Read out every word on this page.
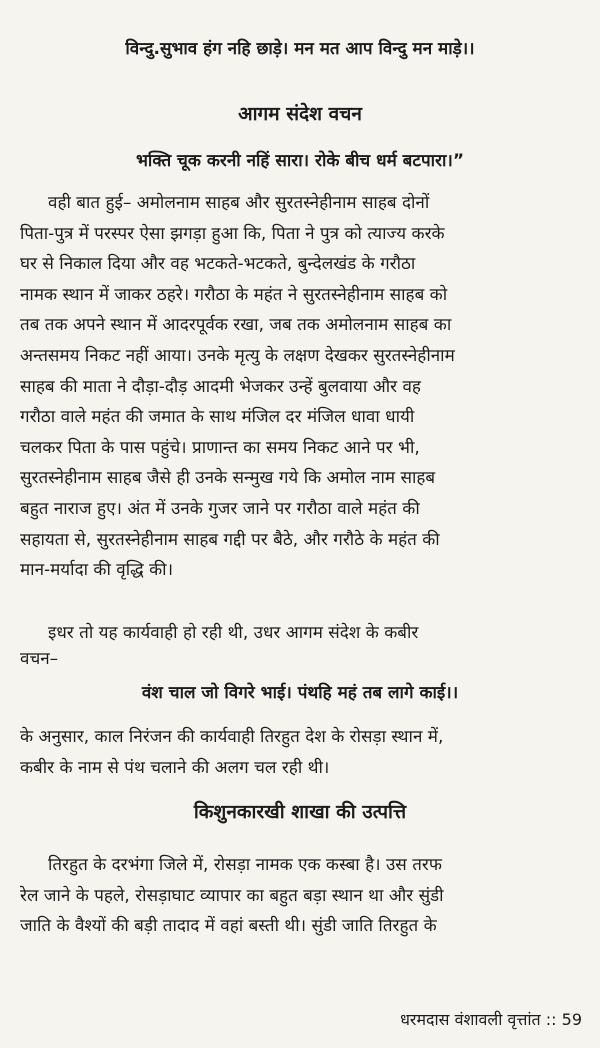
विन्दु.सुभाव हंग नहि छाड़े। मन मत आप विन्दु मन माड़े।।
आगम संदेश वचन
भक्ति चूक करनी नहिं सारा। रोके बीच धर्म बटपारा।”
वही बात हुई– अमोलनाम साहब और सुरतस्नेहीनाम साहब दोनों
पिता-पुत्र में परस्पर ऐसा झगड़ा हुआ कि, पिता ने पुत्र को त्याज्य करके
घर से निकाल दिया और वह भटकते-भटकते, बुन्देलखंड के गरौठा
नामक स्थान में जाकर ठहरे। गरौठा के महंत ने सुरतस्नेहीनाम साहब को
तब तक अपने स्थान में आदरपूर्वक रखा, जब तक अमोलनाम साहब का
अन्तसमय निकट नहीं आया। उनके मृत्यु के लक्षण देखकर सुरतस्नेहीनाम
साहब की माता ने दौड़ा-दौड़ आदमी भेजकर उन्हें बुलवाया और वह
गरौठा वाले महंत की जमात के साथ मंजिल दर मंजिल धावा धायी
चलकर पिता के पास पहुंचे। प्राणान्त का समय निकट आने पर भी,
सुरतस्नेहीनाम साहब जैसे ही उनके सन्मुख गये कि अमोल नाम साहब
बहुत नाराज हुए। अंत में उनके गुजर जाने पर गरौठा वाले महंत की
सहायता से, सुरतस्नेहीनाम साहब गद्दी पर बैठे, और गरौठे के महंत की
मान-मर्यादा की वृद्धि की।
इधर तो यह कार्यवाही हो रही थी, उधर आगम संदेश के कबीर
वचन–
वंश चाल जो विगरे भाई। पंथहि महं तब लागे काई।।
के अनुसार, काल निरंजन की कार्यवाही तिरहुत देश के रोसड़ा स्थान में,
कबीर के नाम से पंथ चलाने की अलग चल रही थी।
किशुनकारखी शाखा की उत्पत्ति
तिरहुत के दरभंगा जिले में, रोसड़ा नामक एक कस्बा है। उस तरफ
रेल जाने के पहले, रोसड़ाघाट व्यापार का बहुत बड़ा स्थान था और सुंडी
जाति के वैश्यों की बड़ी तादाद में वहां बस्ती थी। सुंडी जाति तिरहुत के
धरमदास वंशावली वृत्तांत :: 59
